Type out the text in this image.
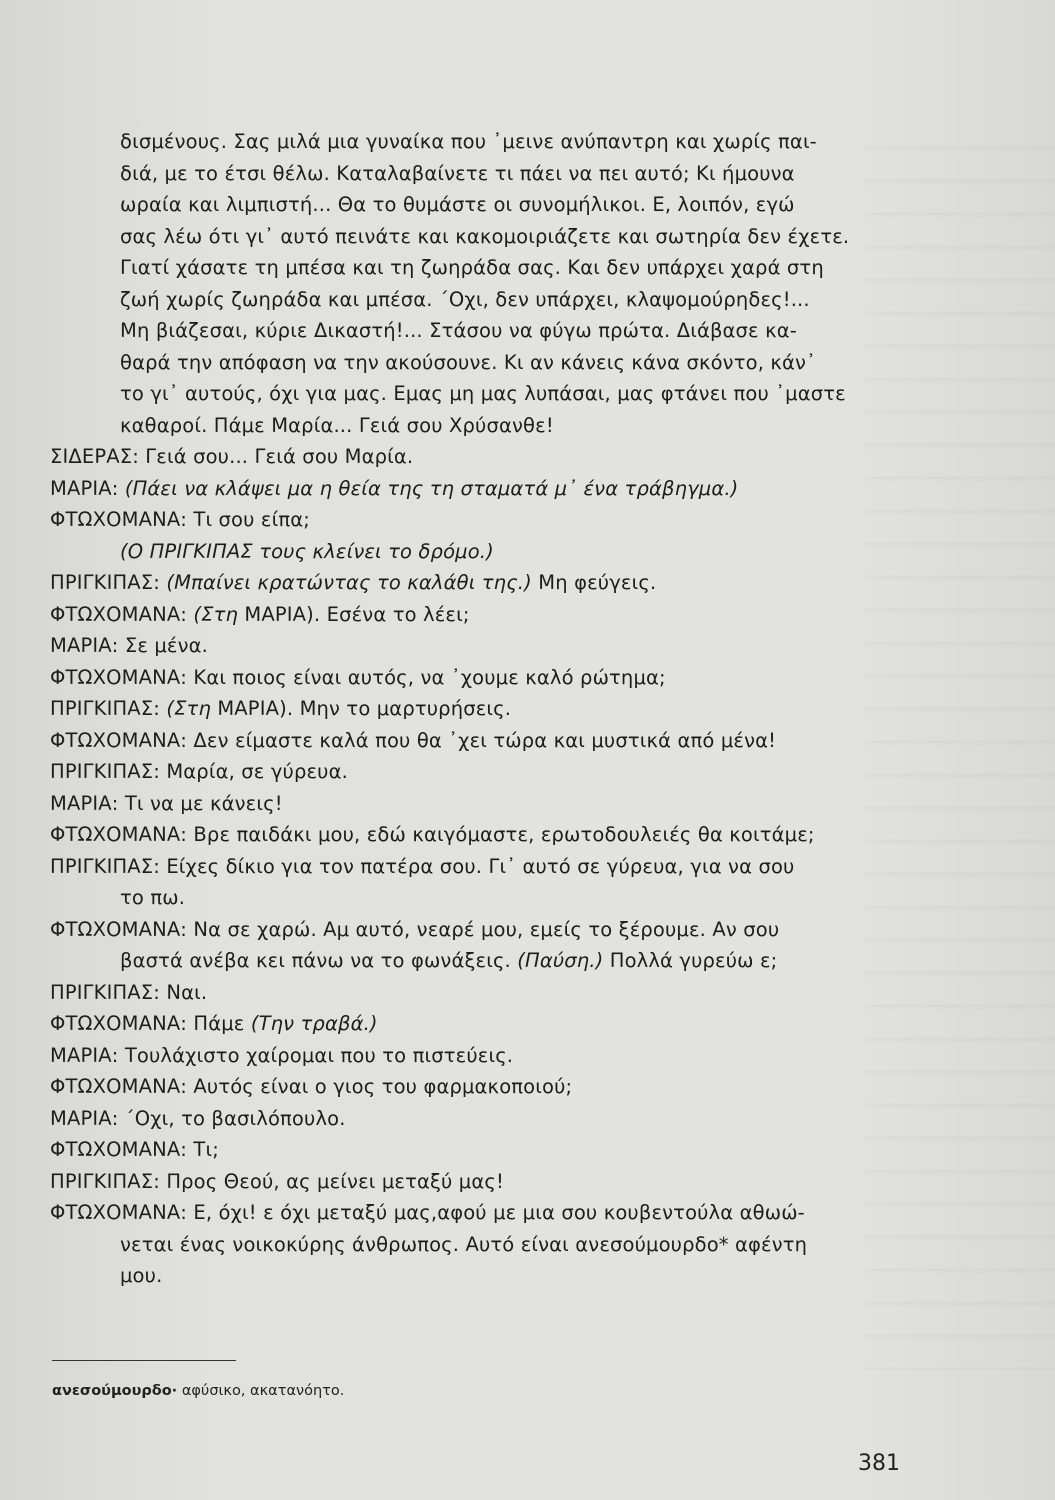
δισμένους. Σας μιλά μια γυναίκα που ᾽μεινε ανύπαντρη και χωρίς παι-

διά, με το έτσι θέλω. Καταλαβαίνετε τι πάει να πει αυτό; Κι ήμουνα

ωραία και λιμπιστή... Θα το θυμάστε οι συνομήλικοι. Ε, λοιπόν, εγώ

σας λέω ότι γι᾽ αυτό πεινάτε και κακομοιριάζετε και σωτηρία δεν έχετε.

Γιατί χάσατε τη μπέσα και τη ζωηράδα σας. Και δεν υπάρχει χαρά στη

ζωή χωρίς ζωηράδα και μπέσα. ΄Οχι, δεν υπάρχει, κλαψομούρηδες!...

Μη βιάζεσαι, κύριε Δικαστή!... Στάσου να φύγω πρώτα. Διάβασε κα-

θαρά την απόφαση να την ακούσουνε. Κι αν κάνεις κάνα σκόντο, κάν᾽

το γι᾽ αυτούς, όχι για μας. Εμας μη μας λυπάσαι, μας φτάνει που ᾽μαστε

καθαροί. Πάμε Μαρία... Γειά σου Χρύσανθε!

ΣΙΔΕΡΑΣ: Γειά σου... Γειά σου Μαρία.

ΜΑΡΙΑ: (Πάει να κλάψει μα η θεία της τη σταματά μ᾽ ένα τράβηγμα.)

ΦΤΩΧΟΜΑΝΑ: Τι σου είπα;

(Ο ΠΡΙΓΚΙΠΑΣ τους κλείνει το δρόμο.)

ΠΡΙΓΚΙΠΑΣ: (Μπαίνει κρατώντας το καλάθι της.) Μη φεύγεις.

ΦΤΩΧΟΜΑΝΑ: (Στη ΜΑΡΙΑ). Εσένα το λέει;

ΜΑΡΙΑ: Σε μένα.

ΦΤΩΧΟΜΑΝΑ: Και ποιος είναι αυτός, να ᾽χουμε καλό ρώτημα;

ΠΡΙΓΚΙΠΑΣ: (Στη ΜΑΡΙΑ). Μην το μαρτυρήσεις.

ΦΤΩΧΟΜΑΝΑ: Δεν είμαστε καλά που θα ᾽χει τώρα και μυστικά από μένα!

ΠΡΙΓΚΙΠΑΣ: Μαρία, σε γύρευα.

ΜΑΡΙΑ: Τι να με κάνεις!

ΦΤΩΧΟΜΑΝΑ: Βρε παιδάκι μου, εδώ καιγόμαστε, ερωτοδουλειές θα κοιτάμε;

ΠΡΙΓΚΙΠΑΣ: Είχες δίκιο για τον πατέρα σου. Γι᾽ αυτό σε γύρευα, για να σου

το πω.

ΦΤΩΧΟΜΑΝΑ: Να σε χαρώ. Αμ αυτό, νεαρέ μου, εμείς το ξέρουμε. Αν σου

βαστά ανέβα κει πάνω να το φωνάξεις. (Παύση.) Πολλά γυρεύω ε;

ΠΡΙΓΚΙΠΑΣ: Ναι.

ΦΤΩΧΟΜΑΝΑ: Πάμε (Την τραβά.)

ΜΑΡΙΑ: Τουλάχιστο χαίρομαι που το πιστεύεις.

ΦΤΩΧΟΜΑΝΑ: Αυτός είναι ο γιος του φαρμακοποιού;

ΜΑΡΙΑ: ΄Οχι, το βασιλόπουλο.

ΦΤΩΧΟΜΑΝΑ: Τι;

ΠΡΙΓΚΙΠΑΣ: Προς Θεού, ας μείνει μεταξύ μας!

ΦΤΩΧΟΜΑΝΑ: Ε, όχι! ε όχι μεταξύ μας,αφού με μια σου κουβεντούλα αθωώ-

νεται ένας νοικοκύρης άνθρωπος. Αυτό είναι ανεσούμουρδο* αφέντη

μου.

ανεσούμουρδο· αφύσικο, ακατανόητο.
381
